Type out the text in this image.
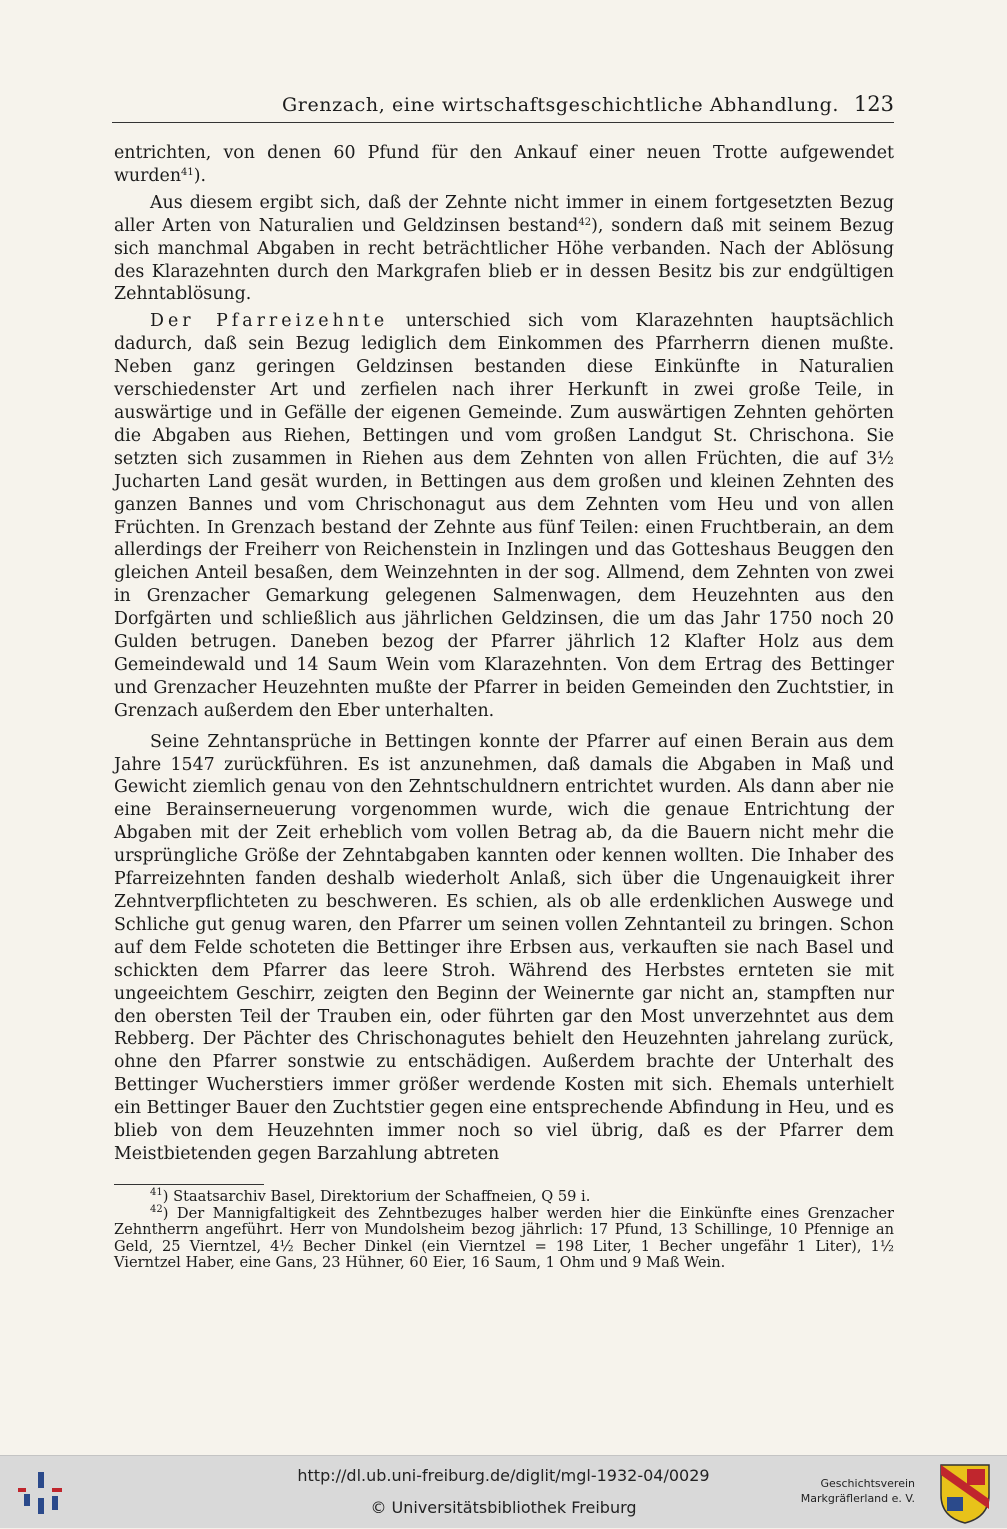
Grenzach, eine wirtschaftsgeschichtliche Abhandlung. 123

entrichten, von denen 60 Pfund für den Ankauf einer neuen Trotte aufgewendet wurden$^{41}$).

Aus diesem ergibt sich, daß der Zehnte nicht immer in einem fortgesetzten Bezug aller Arten von Naturalien und Geldzinsen bestand$^{42}$), sondern daß mit seinem Bezug sich manchmal Abgaben in recht beträchtlicher Höhe verbanden. Nach der Ablösung des Klarazehnten durch den Markgrafen blieb er in dessen Besitz bis zur endgültigen Zehntablösung.

Der Pfarreizehnte unterschied sich vom Klarazehnten hauptsächlich dadurch, daß sein Bezug lediglich dem Einkommen des Pfarrherrn dienen mußte. Neben ganz geringen Geldzinsen bestanden diese Einkünfte in Naturalien verschiedenster Art und zerfielen nach ihrer Herkunft in zwei große Teile, in auswärtige und in Gefälle der eigenen Gemeinde. Zum auswärtigen Zehnten gehörten die Abgaben aus Riehen, Bettingen und vom großen Landgut St. Chrischona. Sie setzten sich zusammen in Riehen aus dem Zehnten von allen Früchten, die auf 3½ Jucharten Land gesät wurden, in Bettingen aus dem großen und kleinen Zehnten des ganzen Bannes und vom Chrischonagut aus dem Zehnten vom Heu und von allen Früchten. In Grenzach bestand der Zehnte aus fünf Teilen: einen Fruchtberain, an dem allerdings der Freiherr von Reichenstein in Inzlingen und das Gotteshaus Beuggen den gleichen Anteil besaßen, dem Weinzehnten in der sog. Allmend, dem Zehnten von zwei in Grenzacher Gemarkung gelegenen Salmenwagen, dem Heuzehnten aus den Dorfgärten und schließlich aus jährlichen Geldzinsen, die um das Jahr 1750 noch 20 Gulden betrugen. Daneben bezog der Pfarrer jährlich 12 Klafter Holz aus dem Gemeindewald und 14 Saum Wein vom Klarazehnten. Von dem Ertrag des Bettinger und Grenzacher Heuzehnten mußte der Pfarrer in beiden Gemeinden den Zuchtstier, in Grenzach außerdem den Eber unterhalten.

Seine Zehntansprüche in Bettingen konnte der Pfarrer auf einen Berain aus dem Jahre 1547 zurückführen. Es ist anzunehmen, daß damals die Abgaben in Maß und Gewicht ziemlich genau von den Zehntschuldnern entrichtet wurden. Als dann aber nie eine Berainserneuerung vorgenommen wurde, wich die genaue Entrichtung der Abgaben mit der Zeit erheblich vom vollen Betrag ab, da die Bauern nicht mehr die ursprüngliche Größe der Zehntabgaben kannten oder kennen wollten. Die Inhaber des Pfarreizehnten fanden deshalb wiederholt Anlaß, sich über die Ungenauigkeit ihrer Zehntverpflichteten zu beschweren. Es schien, als ob alle erdenklichen Auswege und Schliche gut genug waren, den Pfarrer um seinen vollen Zehntanteil zu bringen. Schon auf dem Felde schoteten die Bettinger ihre Erbsen aus, verkauften sie nach Basel und schickten dem Pfarrer das leere Stroh. Während des Herbstes ernteten sie mit ungeeichtem Geschirr, zeigten den Beginn der Weinernte gar nicht an, stampften nur den obersten Teil der Trauben ein, oder führten gar den Most unverzehntet aus dem Rebberg. Der Pächter des Chrischonagutes behielt den Heuzehnten jahrelang zurück, ohne den Pfarrer sonstwie zu entschädigen. Außerdem brachte der Unterhalt des Bettinger Wucherstiers immer größer werdende Kosten mit sich. Ehemals unterhielt ein Bettinger Bauer den Zuchtstier gegen eine entsprechende Abfindung in Heu, und es blieb von dem Heuzehnten immer noch so viel übrig, daß es der Pfarrer dem Meistbietenden gegen Barzahlung abtreten

$^{41}$) Staatsarchiv Basel, Direktorium der Schaffneien, Q 59 i.

$^{42}$) Der Mannigfaltigkeit des Zehntbezuges halber werden hier die Einkünfte eines Grenzacher Zehntherrn angeführt. Herr von Mundolsheim bezog jährlich: 17 Pfund, 13 Schillinge, 10 Pfennige an Geld, 25 Vierntzel, 4½ Becher Dinkel (ein Vierntzel = 198 Liter, 1 Becher ungefähr 1 Liter), 1½ Vierntzel Haber, eine Gans, 23 Hühner, 60 Eier, 16 Saum, 1 Ohm und 9 Maß Wein.

http://dl.ub.uni-freiburg.de/diglit/mgl-1932-04/0029
© Universitätsbibliothek Freiburg
Geschichtsverein
Markgräflerland e. V.
